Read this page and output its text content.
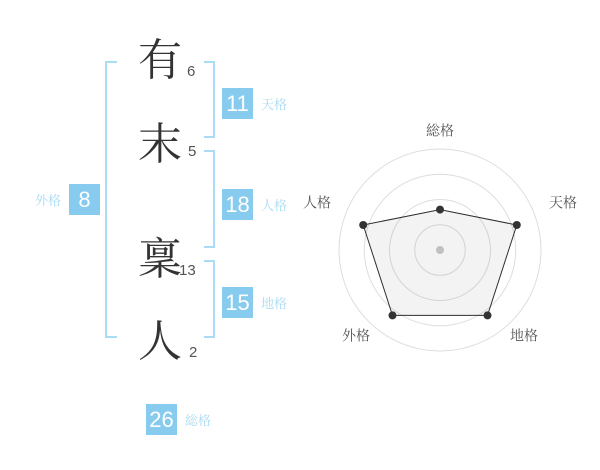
有 6
末 5
稟
13
人 2
11 天格
18 人格
外格 8
15 地格
26 総格
総格
天格
地格
外格
人格
